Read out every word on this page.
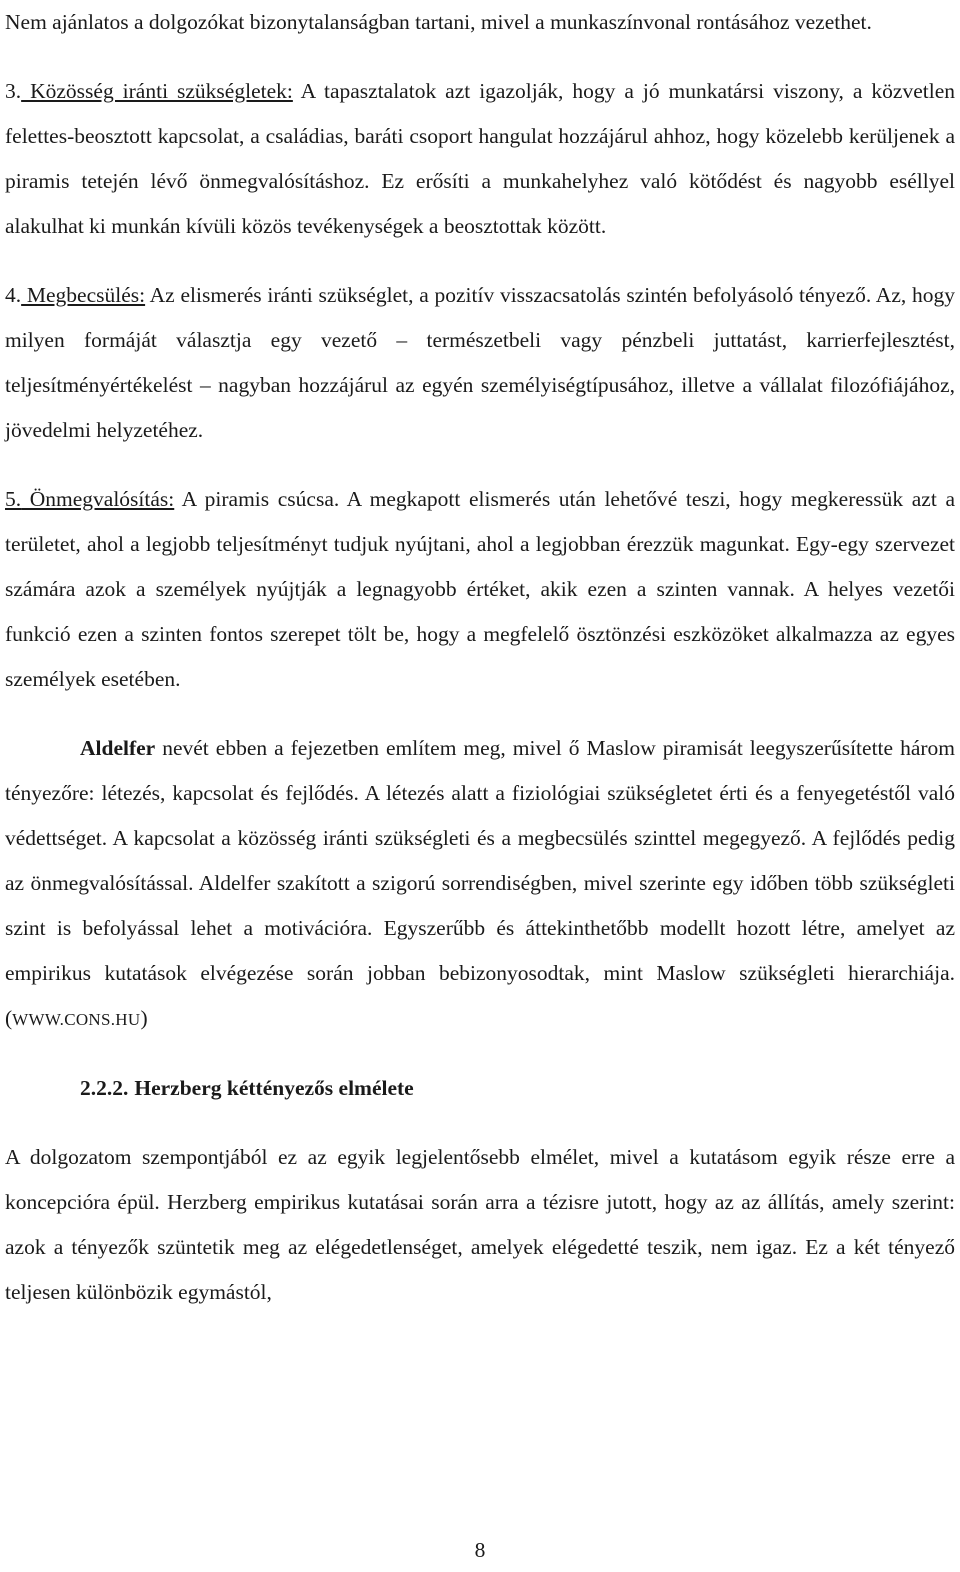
Nem ajánlatos a dolgozókat bizonytalanságban tartani, mivel a munkaszínvonal rontásához vezethet.

3. Közösség iránti szükségletek: A tapasztalatok azt igazolják, hogy a jó munkatársi viszony, a közvetlen felettes-beosztott kapcsolat, a családias, baráti csoport hangulat hozzájárul ahhoz, hogy közelebb kerüljenek a piramis tetején lévő önmegvalósításhoz. Ez erősíti a munkahelyhez való kötődést és nagyobb eséllyel alakulhat ki munkán kívüli közös tevékenységek a beosztottak között.

4. Megbecsülés: Az elismerés iránti szükséglet, a pozitív visszacsatolás szintén befolyásoló tényező. Az, hogy milyen formáját választja egy vezető – természetbeli vagy pénzbeli juttatást, karrierfejlesztést, teljesítményértékelést – nagyban hozzájárul az egyén személyiségtípusához, illetve a vállalat filozófiájához, jövedelmi helyzetéhez.

5. Önmegvalósítás: A piramis csúcsa. A megkapott elismerés után lehetővé teszi, hogy megkeressük azt a területet, ahol a legjobb teljesítményt tudjuk nyújtani, ahol a legjobban érezzük magunkat. Egy-egy szervezet számára azok a személyek nyújtják a legnagyobb értéket, akik ezen a szinten vannak. A helyes vezetői funkció ezen a szinten fontos szerepet tölt be, hogy a megfelelő ösztönzési eszközöket alkalmazza az egyes személyek esetében.

Aldelfer nevét ebben a fejezetben említem meg, mivel ő Maslow piramisát leegyszerűsítette három tényezőre: létezés, kapcsolat és fejlődés. A létezés alatt a fiziológiai szükségletet érti és a fenyegetéstől való védettséget. A kapcsolat a közösség iránti szükségleti és a megbecsülés szinttel megegyező. A fejlődés pedig az önmegvalósítással. Aldelfer szakított a szigorú sorrendiségben, mivel szerinte egy időben több szükségleti szint is befolyással lehet a motivációra. Egyszerűbb és áttekinthetőbb modellt hozott létre, amelyet az empirikus kutatások elvégezése során jobban bebizonyosodtak, mint Maslow szükségleti hierarchiája. (WWW.CONS.HU)

2.2.2. Herzberg kéttényezős elmélete

A dolgozatom szempontjából ez az egyik legjelentősebb elmélet, mivel a kutatásom egyik része erre a koncepcióra épül. Herzberg empirikus kutatásai során arra a tézisre jutott, hogy az az állítás, amely szerint: azok a tényezők szüntetik meg az elégedetlenséget, amelyek elégedetté teszik, nem igaz. Ez a két tényező teljesen különbözik egymástól,

8
